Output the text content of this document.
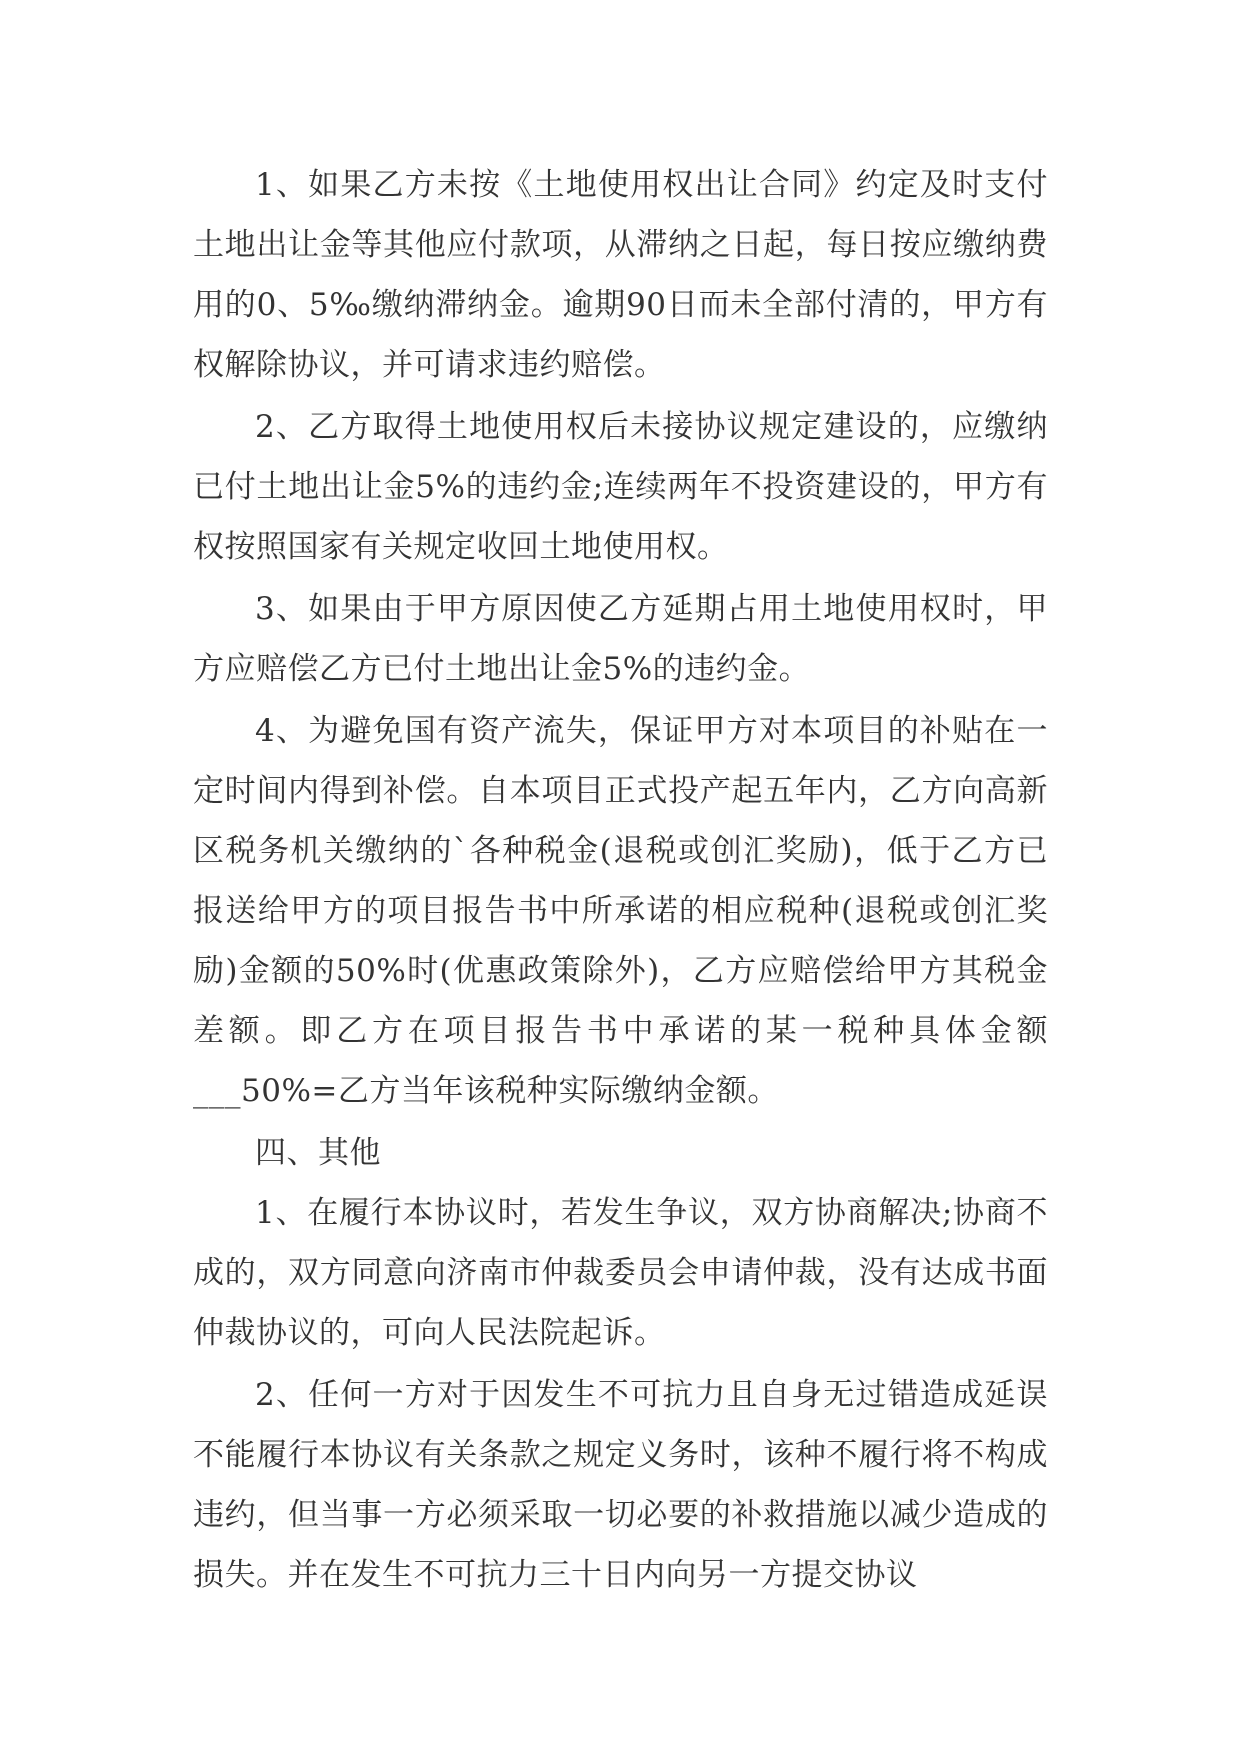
1、如果乙方未按《土地使用权出让合同》约定及时支付土地出让金等其他应付款项，从滞纳之日起，每日按应缴纳费用的0、5‰缴纳滞纳金。逾期90日而未全部付清的，甲方有权解除协议，并可请求违约赔偿。

2、乙方取得土地使用权后未接协议规定建设的，应缴纳已付土地出让金5%的违约金;连续两年不投资建设的，甲方有权按照国家有关规定收回土地使用权。

3、如果由于甲方原因使乙方延期占用土地使用权时，甲方应赔偿乙方已付土地出让金5%的违约金。

4、为避免国有资产流失，保证甲方对本项目的补贴在一定时间内得到补偿。自本项目正式投产起五年内，乙方向高新区税务机关缴纳的`各种税金(退税或创汇奖励)，低于乙方已报送给甲方的项目报告书中所承诺的相应税种(退税或创汇奖励)金额的50%时(优惠政策除外)，乙方应赔偿给甲方其税金差额。即乙方在项目报告书中承诺的某一税种具体金额___50%=乙方当年该税种实际缴纳金额。

四、其他

1、在履行本协议时，若发生争议，双方协商解决;协商不成的，双方同意向济南市仲裁委员会申请仲裁，没有达成书面仲裁协议的，可向人民法院起诉。

2、任何一方对于因发生不可抗力且自身无过错造成延误不能履行本协议有关条款之规定义务时，该种不履行将不构成违约，但当事一方必须采取一切必要的补救措施以减少造成的损失。并在发生不可抗力三十日内向另一方提交协议
